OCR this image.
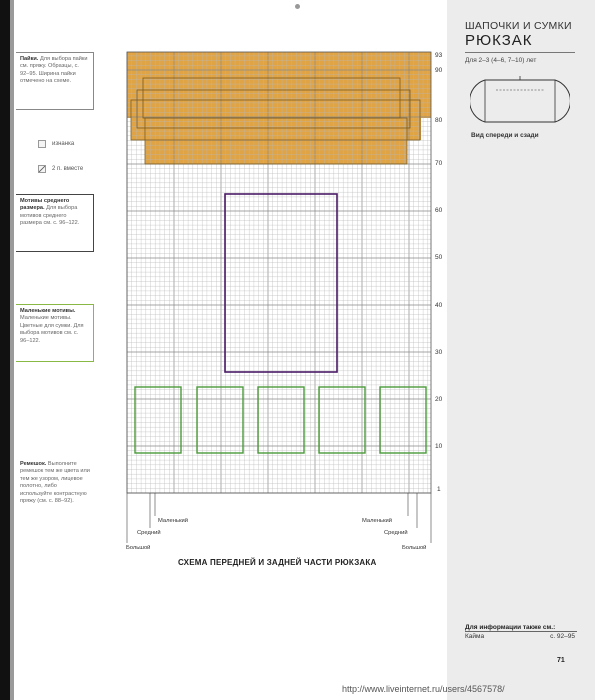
Пайки. Для выбора пайки см. пряжу. Образцы, с. 92–95. Ширина пайки отмечено на схеме.
изнанка
2 п. вместе
Мотивы среднего размера. Для выбора мотивов среднего размера см. с. 96–122.
Маленькие мотивы. Маленькие мотивы. Цветные для сумки. Для выбора мотивов см. с. 96–122.
Ремешок. Выполните ремешок тем же цвета или тем же узором, лицевое полотно, либо используйте контрастную пряжу (см. с. 88–92).
ШАПОЧКИ И СУМКИ
РЮКЗАК
Для 2–3 (4–6, 7–10) лет
Вид спереди и сзади
Для информации также см.:
Кайма	с. 92–95
71
93
90
80
70
60
50
40
30
20
10
1
Маленький
Средний
Большой
Маленький
Средний
Большой
СХЕМА ПЕРЕДНЕЙ И ЗАДНЕЙ ЧАСТИ РЮКЗАКА
http://www.liveinternet.ru/users/4567578/
